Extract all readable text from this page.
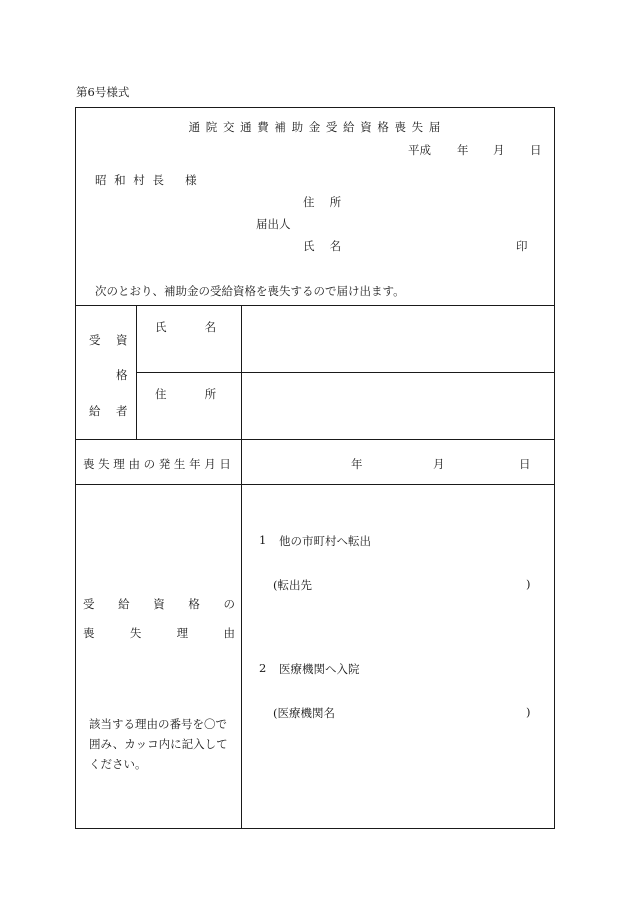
第6号様式
通 院 交 通 費 補 助 金 受 給 資 格 喪 失 届
平成 年 月 日
昭 和 村 長　 様
住　 所
届出人
氏　 名	印
次のとおり、補助金の受給資格を喪失するので届け出ます。
受 資
格
給 者
氏　　　 名
住　　　 所
喪 失 理 由 の 発 生 年 月 日	年	月	日
受 給 資 格 の
喪	失	理	由
該当する理由の番号を〇で
囲み、カッコ内に記入して
ください。
1 他の市町村へ転出
(転出先	)
2 医療機関へ入院
(医療機関名	)
